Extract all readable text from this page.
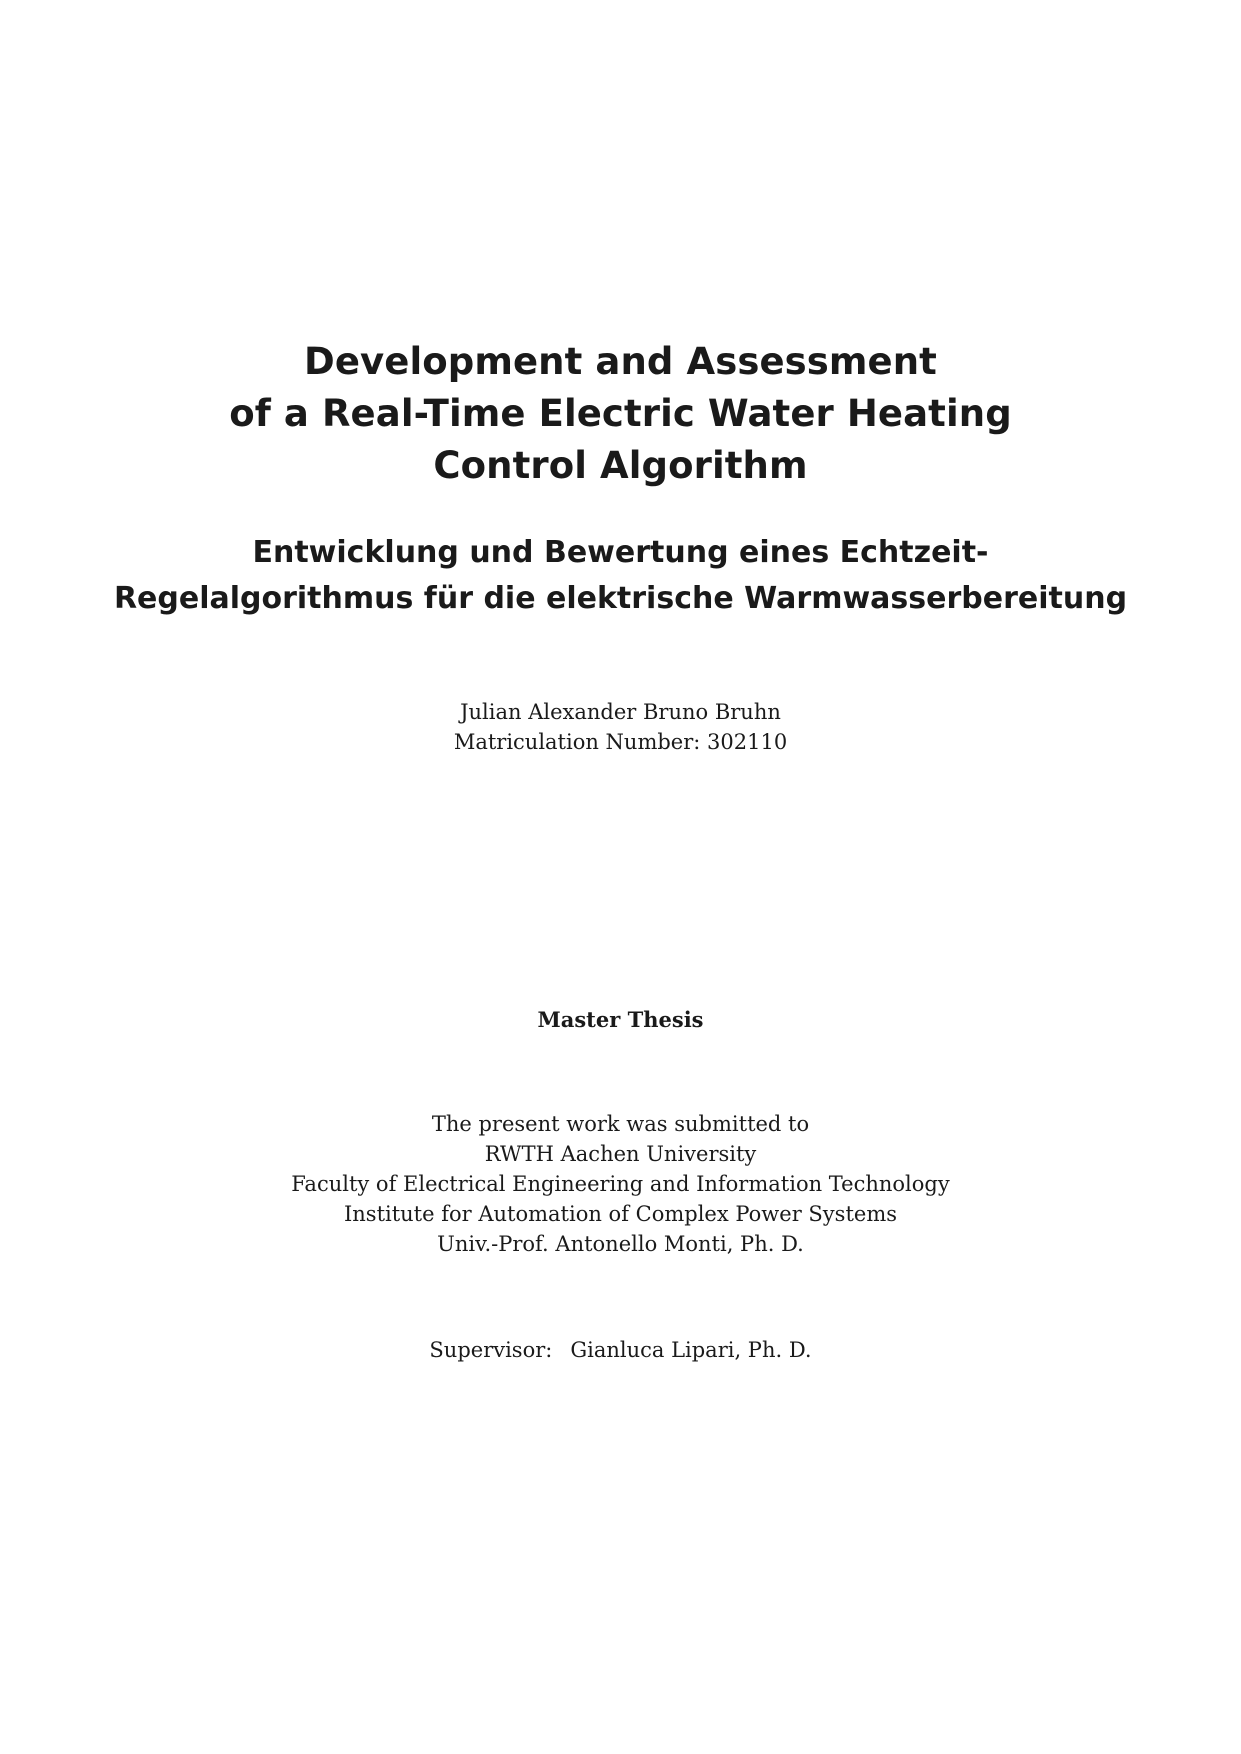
Development and Assessment
of a Real-Time Electric Water Heating
Control Algorithm
Entwicklung und Bewertung eines Echtzeit-
Regelalgorithmus für die elektrische Warmwasserbereitung
Julian Alexander Bruno Bruhn
Matriculation Number: 302110
Master Thesis
The present work was submitted to
RWTH Aachen University
Faculty of Electrical Engineering and Information Technology
Institute for Automation of Complex Power Systems
Univ.-Prof. Antonello Monti, Ph. D.
Supervisor: Gianluca Lipari, Ph. D.
